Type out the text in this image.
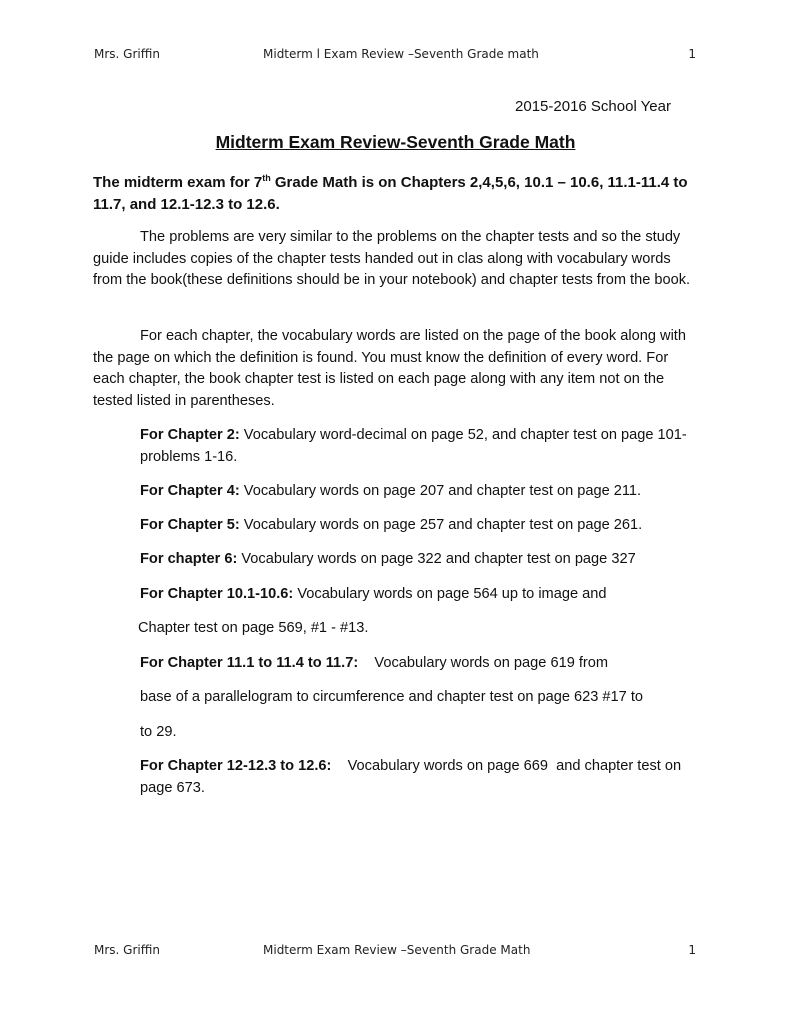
Mrs. Griffin	Midterm l Exam Review –Seventh Grade math	1
2015-2016 School Year
Midterm Exam Review-Seventh Grade Math
The midterm exam for 7th Grade Math is on Chapters 2,4,5,6, 10.1 – 10.6, 11.1-11.4 to 11.7, and 12.1-12.3 to 12.6.
The problems are very similar to the problems on the chapter tests and so the study guide includes copies of the chapter tests handed out in clas along with vocabulary words from the book(these definitions should be in your notebook) and chapter tests from the book.
For each chapter, the vocabulary words are listed on the page of the book along with the page on which the definition is found. You must know the definition of every word. For each chapter, the book chapter test is listed on each page along with any item not on the tested listed in parentheses.
For Chapter 2: Vocabulary word-decimal on page 52, and chapter test on page 101-problems 1-16.
For Chapter 4: Vocabulary words on page 207 and chapter test on page 211.
For Chapter 5: Vocabulary words on page 257 and chapter test on page 261.
For chapter 6: Vocabulary words on page 322 and chapter test on page 327
For Chapter 10.1-10.6: Vocabulary words on page 564 up to image and
Chapter test on page 569, #1 - #13.
For Chapter 11.1 to 11.4 to 11.7:    Vocabulary words on page 619 from
base of a parallelogram to circumference and chapter test on page 623 #17 to
to 29.
For Chapter 12-12.3 to 12.6:    Vocabulary words on page 669  and chapter test on page 673.
Mrs. Griffin	Midterm Exam Review –Seventh Grade Math	1
